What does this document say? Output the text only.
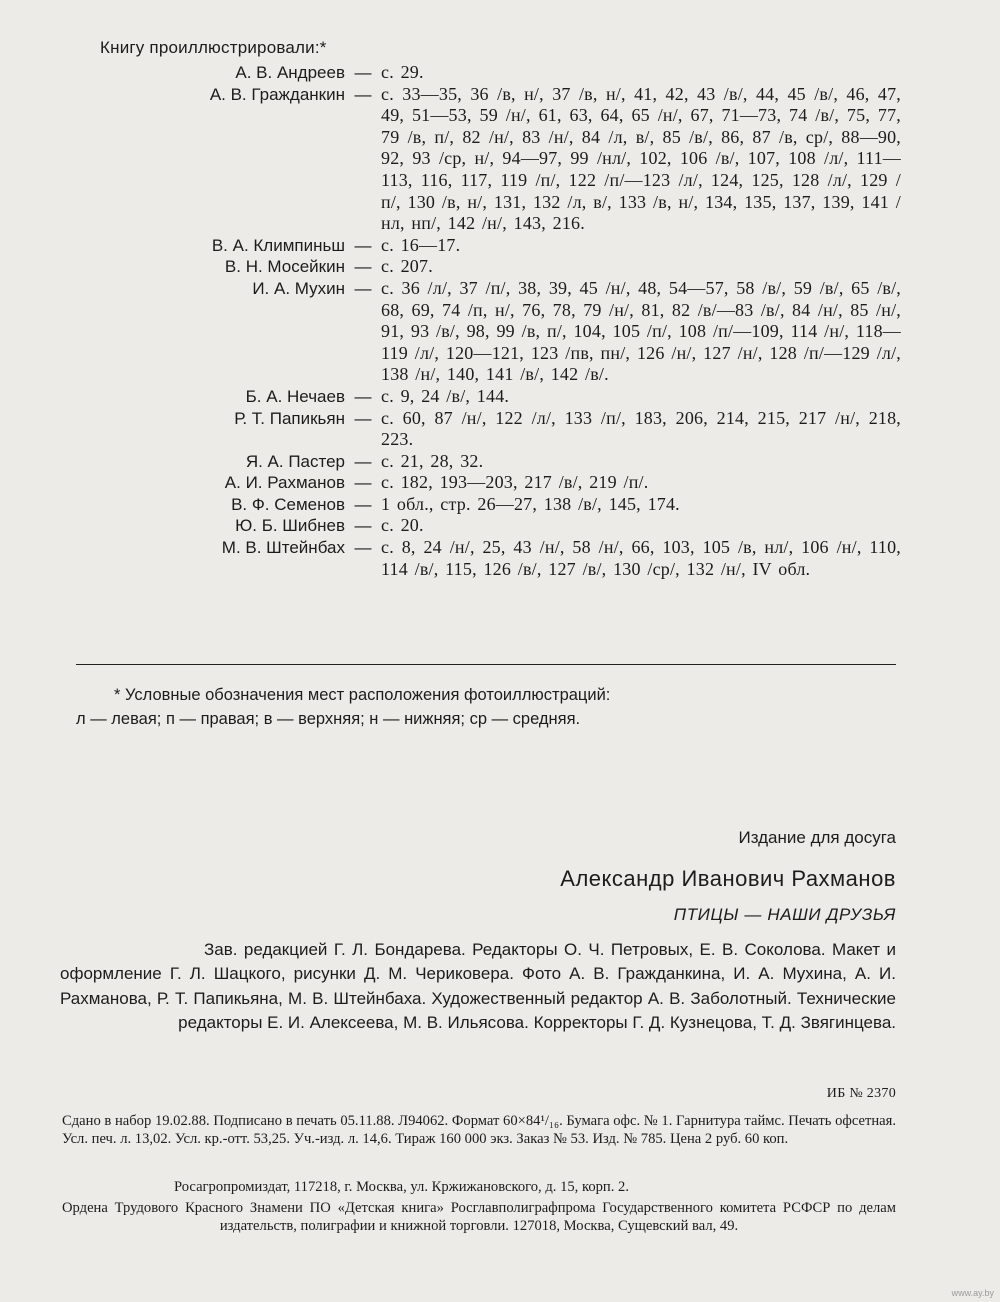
Книгу проиллюстрировали:*
А. В. Андреев — с. 29.
А. В. Гражданкин — с. 33—35, 36 /в, н/, 37 /в, н/, 41, 42, 43 /в/, 44, 45 /в/, 46, 47, 49, 51—53, 59 /н/, 61, 63, 64, 65 /н/, 67, 71—73, 74 /в/, 75, 77, 79 /в, п/, 82 /н/, 83 /н/, 84 /л, в/, 85 /в/, 86, 87 /в, ср/, 88—90, 92, 93 /ср, н/, 94—97, 99 /нл/, 102, 106 /в/, 107, 108 /л/, 111—113, 116, 117, 119 /п/, 122 /п/—123 /л/, 124, 125, 128 /л/, 129 /п/, 130 /в, н/, 131, 132 /л, в/, 133 /в, н/, 134, 135, 137, 139, 141 /нл, нп/, 142 /н/, 143, 216.
В. А. Климпиньш — с. 16—17.
В. Н. Мосейкин — с. 207.
И. А. Мухин — с. 36 /л/, 37 /п/, 38, 39, 45 /н/, 48, 54—57, 58 /в/, 59 /в/, 65 /в/, 68, 69, 74 /п, н/, 76, 78, 79 /н/, 81, 82 /в/—83 /в/, 84 /н/, 85 /н/, 91, 93 /в/, 98, 99 /в, п/, 104, 105 /п/, 108 /п/—109, 114 /н/, 118—119 /л/, 120—121, 123 /пв, пн/, 126 /н/, 127 /н/, 128 /п/—129 /л/, 138 /н/, 140, 141 /в/, 142 /в/.
Б. А. Нечаев — с. 9, 24 /в/, 144.
Р. Т. Папикьян — с. 60, 87 /н/, 122 /л/, 133 /п/, 183, 206, 214, 215, 217 /н/, 218, 223.
Я. А. Пастер — с. 21, 28, 32.
А. И. Рахманов — с. 182, 193—203, 217 /в/, 219 /п/.
В. Ф. Семенов — 1 обл., стр. 26—27, 138 /в/, 145, 174.
Ю. Б. Шибнев — с. 20.
М. В. Штейнбах — с. 8, 24 /н/, 25, 43 /н/, 58 /н/, 66, 103, 105 /в, нл/, 106 /н/, 110, 114 /в/, 115, 126 /в/, 127 /в/, 130 /ср/, 132 /н/, IV обл.
* Условные обозначения мест расположения фотоиллюстраций:
л — левая; п — правая; в — верхняя; н — нижняя; ср — средняя.
Издание для досуга
Александр Иванович Рахманов
ПТИЦЫ — НАШИ ДРУЗЬЯ
Зав. редакцией Г. Л. Бондарева. Редакторы О. Ч. Петровых, Е. В. Соколова. Макет и оформление Г. Л. Шацкого, рисунки Д. М. Чериковера. Фото А. В. Гражданкина, И. А. Мухина, А. И. Рахманова, Р. Т. Папикьяна, М. В. Штейнбаха. Художественный редактор А. В. Заболотный. Технические редакторы Е. И. Алексеева, М. В. Ильясова. Корректоры Г. Д. Кузнецова, Т. Д. Звягинцева.
ИБ № 2370
Сдано в набор 19.02.88. Подписано в печать 05.11.88. Л94062. Формат 60×84¹/₁₆. Бумага офс. № 1. Гарнитура таймс. Печать офсетная. Усл. печ. л. 13,02. Усл. кр.-отт. 53,25. Уч.-изд. л. 14,6. Тираж 160 000 экз. Заказ № 53. Изд. № 785. Цена 2 руб. 60 коп.
Росагропромиздат, 117218, г. Москва, ул. Кржижановского, д. 15, корп. 2.
Ордена Трудового Красного Знамени ПО «Детская книга» Росглавполиграфпрома Государственного комитета РСФСР по делам издательств, полиграфии и книжной торговли. 127018, Москва, Сущевский вал, 49.
www.ay.by
